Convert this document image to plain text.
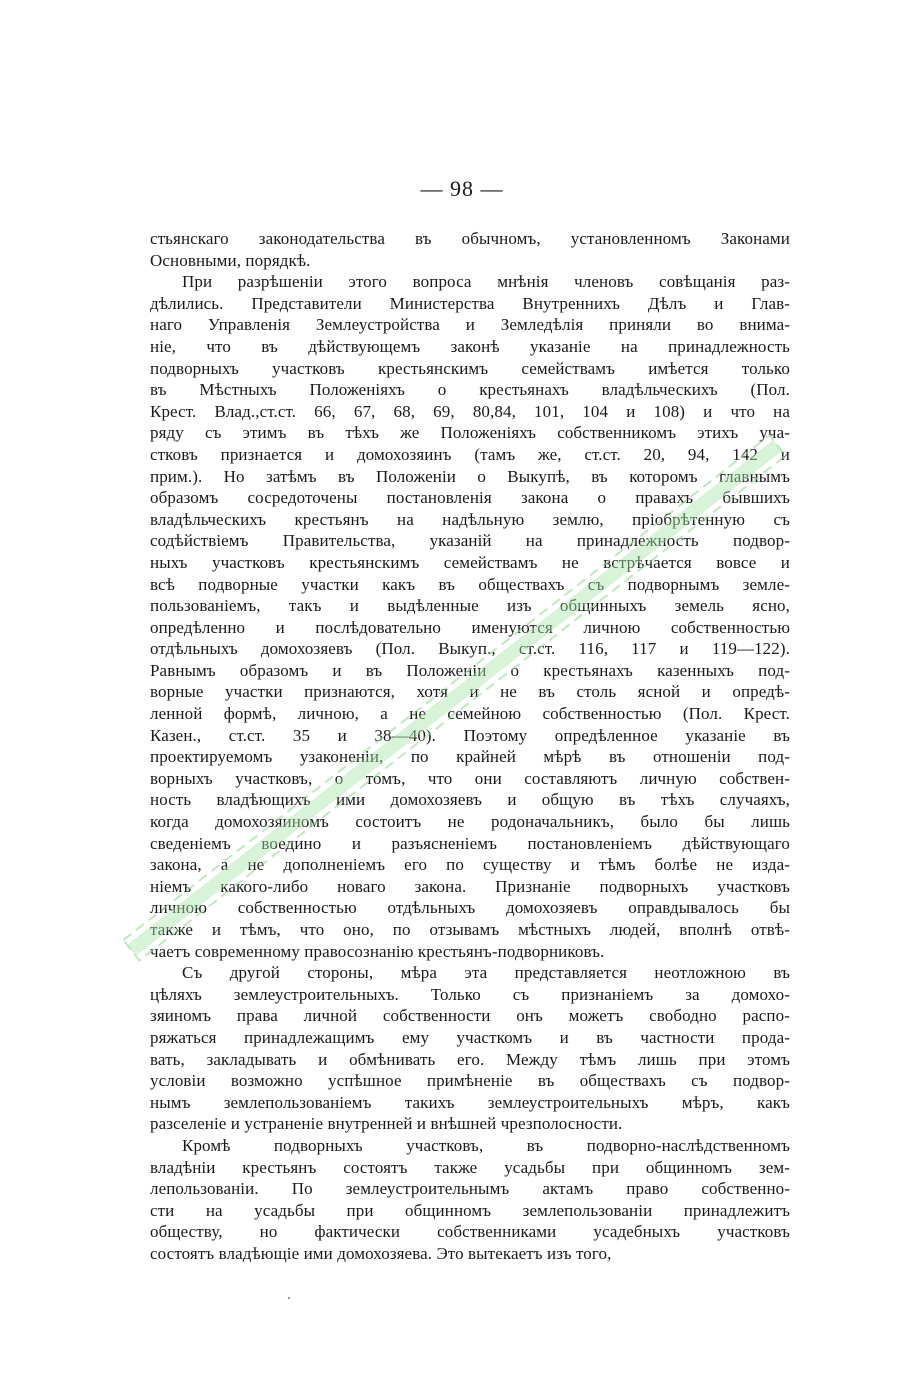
— 98 —
стьянскаго законодательства въ обычномъ, установленномъ Законами
Основными, порядкѣ.
При разрѣшенiи этого вопроса мнѣнiя членовъ совѣщанiя раз-
дѣлились. Представители Министерства Внутреннихъ Дѣлъ и Глав-
наго Управленiя Землеустройства и Земледѣлiя приняли во внима-
нiе, что въ дѣйствующемъ законѣ указанiе на принадлежность
подворныхъ участковъ крестьянскимъ семействамъ имѣется только
въ Мѣстныхъ Положенiяхъ о крестьянахъ владѣльческихъ (Пол.
Крест. Влад.,ст.ст. 66, 67, 68, 69, 80,84, 101, 104 и 108) и что на
ряду съ этимъ въ тѣхъ же Положенiяхъ собственникомъ этихъ уча-
стковъ признается и домохозяинъ (тамъ же, ст.ст. 20, 94, 142 и
прим.). Но затѣмъ въ Положенiи о Выкупѣ, въ которомъ главнымъ
образомъ сосредоточены постановленiя закона о правахъ бывшихъ
владѣльческихъ крестьянъ на надѣльную землю, прiобрѣтенную съ
содѣйствiемъ Правительства, указанiй на принадлежность подвор-
ныхъ участковъ крестьянскимъ семействамъ не встрѣчается вовсе и
всѣ подворные участки какъ въ обществахъ съ подворнымъ земле-
пользованiемъ, такъ и выдѣленные изъ общинныхъ земель ясно,
опредѣленно и послѣдовательно именуются личною собственностью
отдѣльныхъ домохозяевъ (Пол. Выкуп., ст.ст. 116, 117 и 119—122).
Равнымъ образомъ и въ Положенiи о крестьянахъ казенныхъ под-
ворные участки признаются, хотя и не въ столь ясной и опредѣ-
ленной формѣ, личною, а не семейною собственностью (Пол. Крест.
Казен., ст.ст. 35 и 38—40). Поэтому опредѣленное указанiе въ
проектируемомъ узаконенiи, по крайней мѣрѣ въ отношенiи под-
ворныхъ участковъ, о томъ, что они составляютъ личную собствен-
ность владѣющихъ ими домохозяевъ и общую въ тѣхъ случаяхъ,
когда домохозяиномъ состоитъ не родоначальникъ, было бы лишь
сведенiемъ воедино и разъясненiемъ постановленiемъ дѣйствующаго
закона, а не дополненiемъ его по существу и тѣмъ болѣе не изда-
нiемъ какого-либо новаго закона. Признанiе подворныхъ участковъ
личною собственностью отдѣльныхъ домохозяевъ оправдывалось бы
также и тѣмъ, что оно, по отзывамъ мѣстныхъ людей, вполнѣ отвѣ-
чаетъ современному правосознанiю крестьянъ-подворниковъ.
Съ другой стороны, мѣра эта представляется неотложною въ
цѣляхъ землеустроительныхъ. Только съ признанiемъ за домохо-
зяиномъ права личной собственности онъ можетъ свободно распо-
ряжаться принадлежащимъ ему участкомъ и въ частности прода-
вать, закладывать и обмѣнивать его. Между тѣмъ лишь при этомъ
условiи возможно успѣшное примѣненiе въ обществахъ съ подвор-
нымъ землепользованiемъ такихъ землеустроительныхъ мѣръ, какъ
разселенiе и устраненiе внутренней и внѣшней чрезполосности.
Кромѣ подворныхъ участковъ, въ подворно-наслѣдственномъ
владѣнiи крестьянъ состоятъ также усадьбы при общинномъ зем-
лепользованiи. По землеустроительнымъ актамъ право собственно-
сти на усадьбы при общинномъ землепользованiи принадлежитъ
обществу, но фактически собственниками усадебныхъ участковъ
состоятъ владѣющiе ими домохозяева. Это вытекаетъ изъ того,
